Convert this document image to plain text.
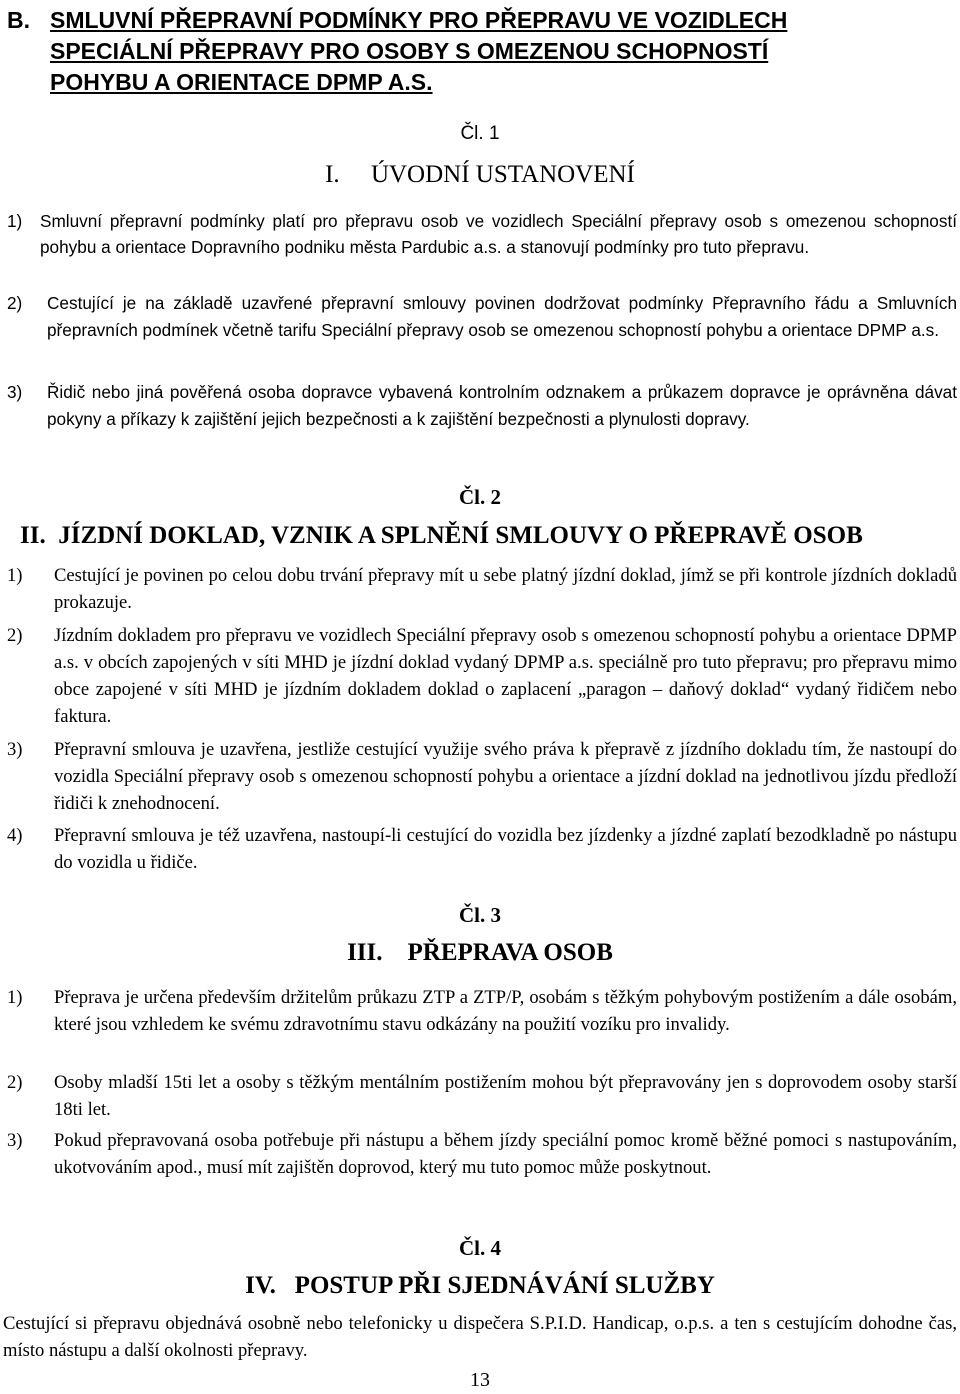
B. SMLUVNÍ PŘEPRAVNÍ PODMÍNKY PRO PŘEPRAVU VE VOZIDLECH
SPECIÁLNÍ PŘEPRAVY PRO OSOBY S OMEZENOU SCHOPNOSTÍ
POHYBU A ORIENTACE DPMP A.S.
Čl. 1
I. ÚVODNÍ USTANOVENÍ
1) Smluvní přepravní podmínky platí pro přepravu osob ve vozidlech Speciální přepravy osob s omezenou schopností pohybu a orientace Dopravního podniku města Pardubic a.s. a stanovují podmínky pro tuto přepravu.
2) Cestující je na základě uzavřené přepravní smlouvy povinen dodržovat podmínky Přepravního řádu a Smluvních přepravních podmínek včetně tarifu Speciální přepravy osob se omezenou schopností pohybu a orientace DPMP a.s.
3) Řidič nebo jiná pověřená osoba dopravce vybavená kontrolním odznakem a průkazem dopravce je oprávněna dávat pokyny a příkazy k zajištění jejich bezpečnosti a k zajištění bezpečnosti a plynulosti dopravy.
Čl. 2
II. JÍZDNÍ DOKLAD, VZNIK A SPLNĚNÍ SMLOUVY O PŘEPRAVĚ OSOB
1) Cestující je povinen po celou dobu trvání přepravy mít u sebe platný jízdní doklad, jímž se při kontrole jízdních dokladů prokazuje.
2) Jízdním dokladem pro přepravu ve vozidlech Speciální přepravy osob s omezenou schopností pohybu a orientace DPMP a.s. v obcích zapojených v síti MHD je jízdní doklad vydaný DPMP a.s. speciálně pro tuto přepravu; pro přepravu mimo obce zapojené v síti MHD je jízdním dokladem doklad o zaplacení „paragon – daňový doklad“ vydaný řidičem nebo faktura.
3) Přepravní smlouva je uzavřena, jestliže cestující využije svého práva k přepravě z jízdního dokladu tím, že nastoupí do vozidla Speciální přepravy osob s omezenou schopností pohybu a orientace a jízdní doklad na jednotlivou jízdu předloží řidiči k znehodnocení.
4) Přepravní smlouva je též uzavřena, nastoupí-li cestující do vozidla bez jízdenky a jízdné zaplatí bezodkladně po nástupu do vozidla u řidiče.
Čl. 3
III. PŘEPRAVA OSOB
1) Přeprava je určena především držitelům průkazu ZTP a ZTP/P, osobám s těžkým pohybovým postižením a dále osobám, které jsou vzhledem ke svému zdravotnímu stavu odkázány na použití vozíku pro invalidy.
2) Osoby mladší 15ti let a osoby s těžkým mentálním postižením mohou být přepravovány jen s doprovodem osoby starší 18ti let.
3) Pokud přepravovaná osoba potřebuje při nástupu a během jízdy speciální pomoc kromě běžné pomoci s nastupováním, ukotvováním apod., musí mít zajištěn doprovod, který mu tuto pomoc může poskytnout.
Čl. 4
IV. POSTUP PŘI SJEDNÁVÁNÍ SLUŽBY
Cestující si přepravu objednává osobně nebo telefonicky u dispečera S.P.I.D. Handicap, o.p.s. a ten s cestujícím dohodne čas, místo nástupu a další okolnosti přepravy.
13
